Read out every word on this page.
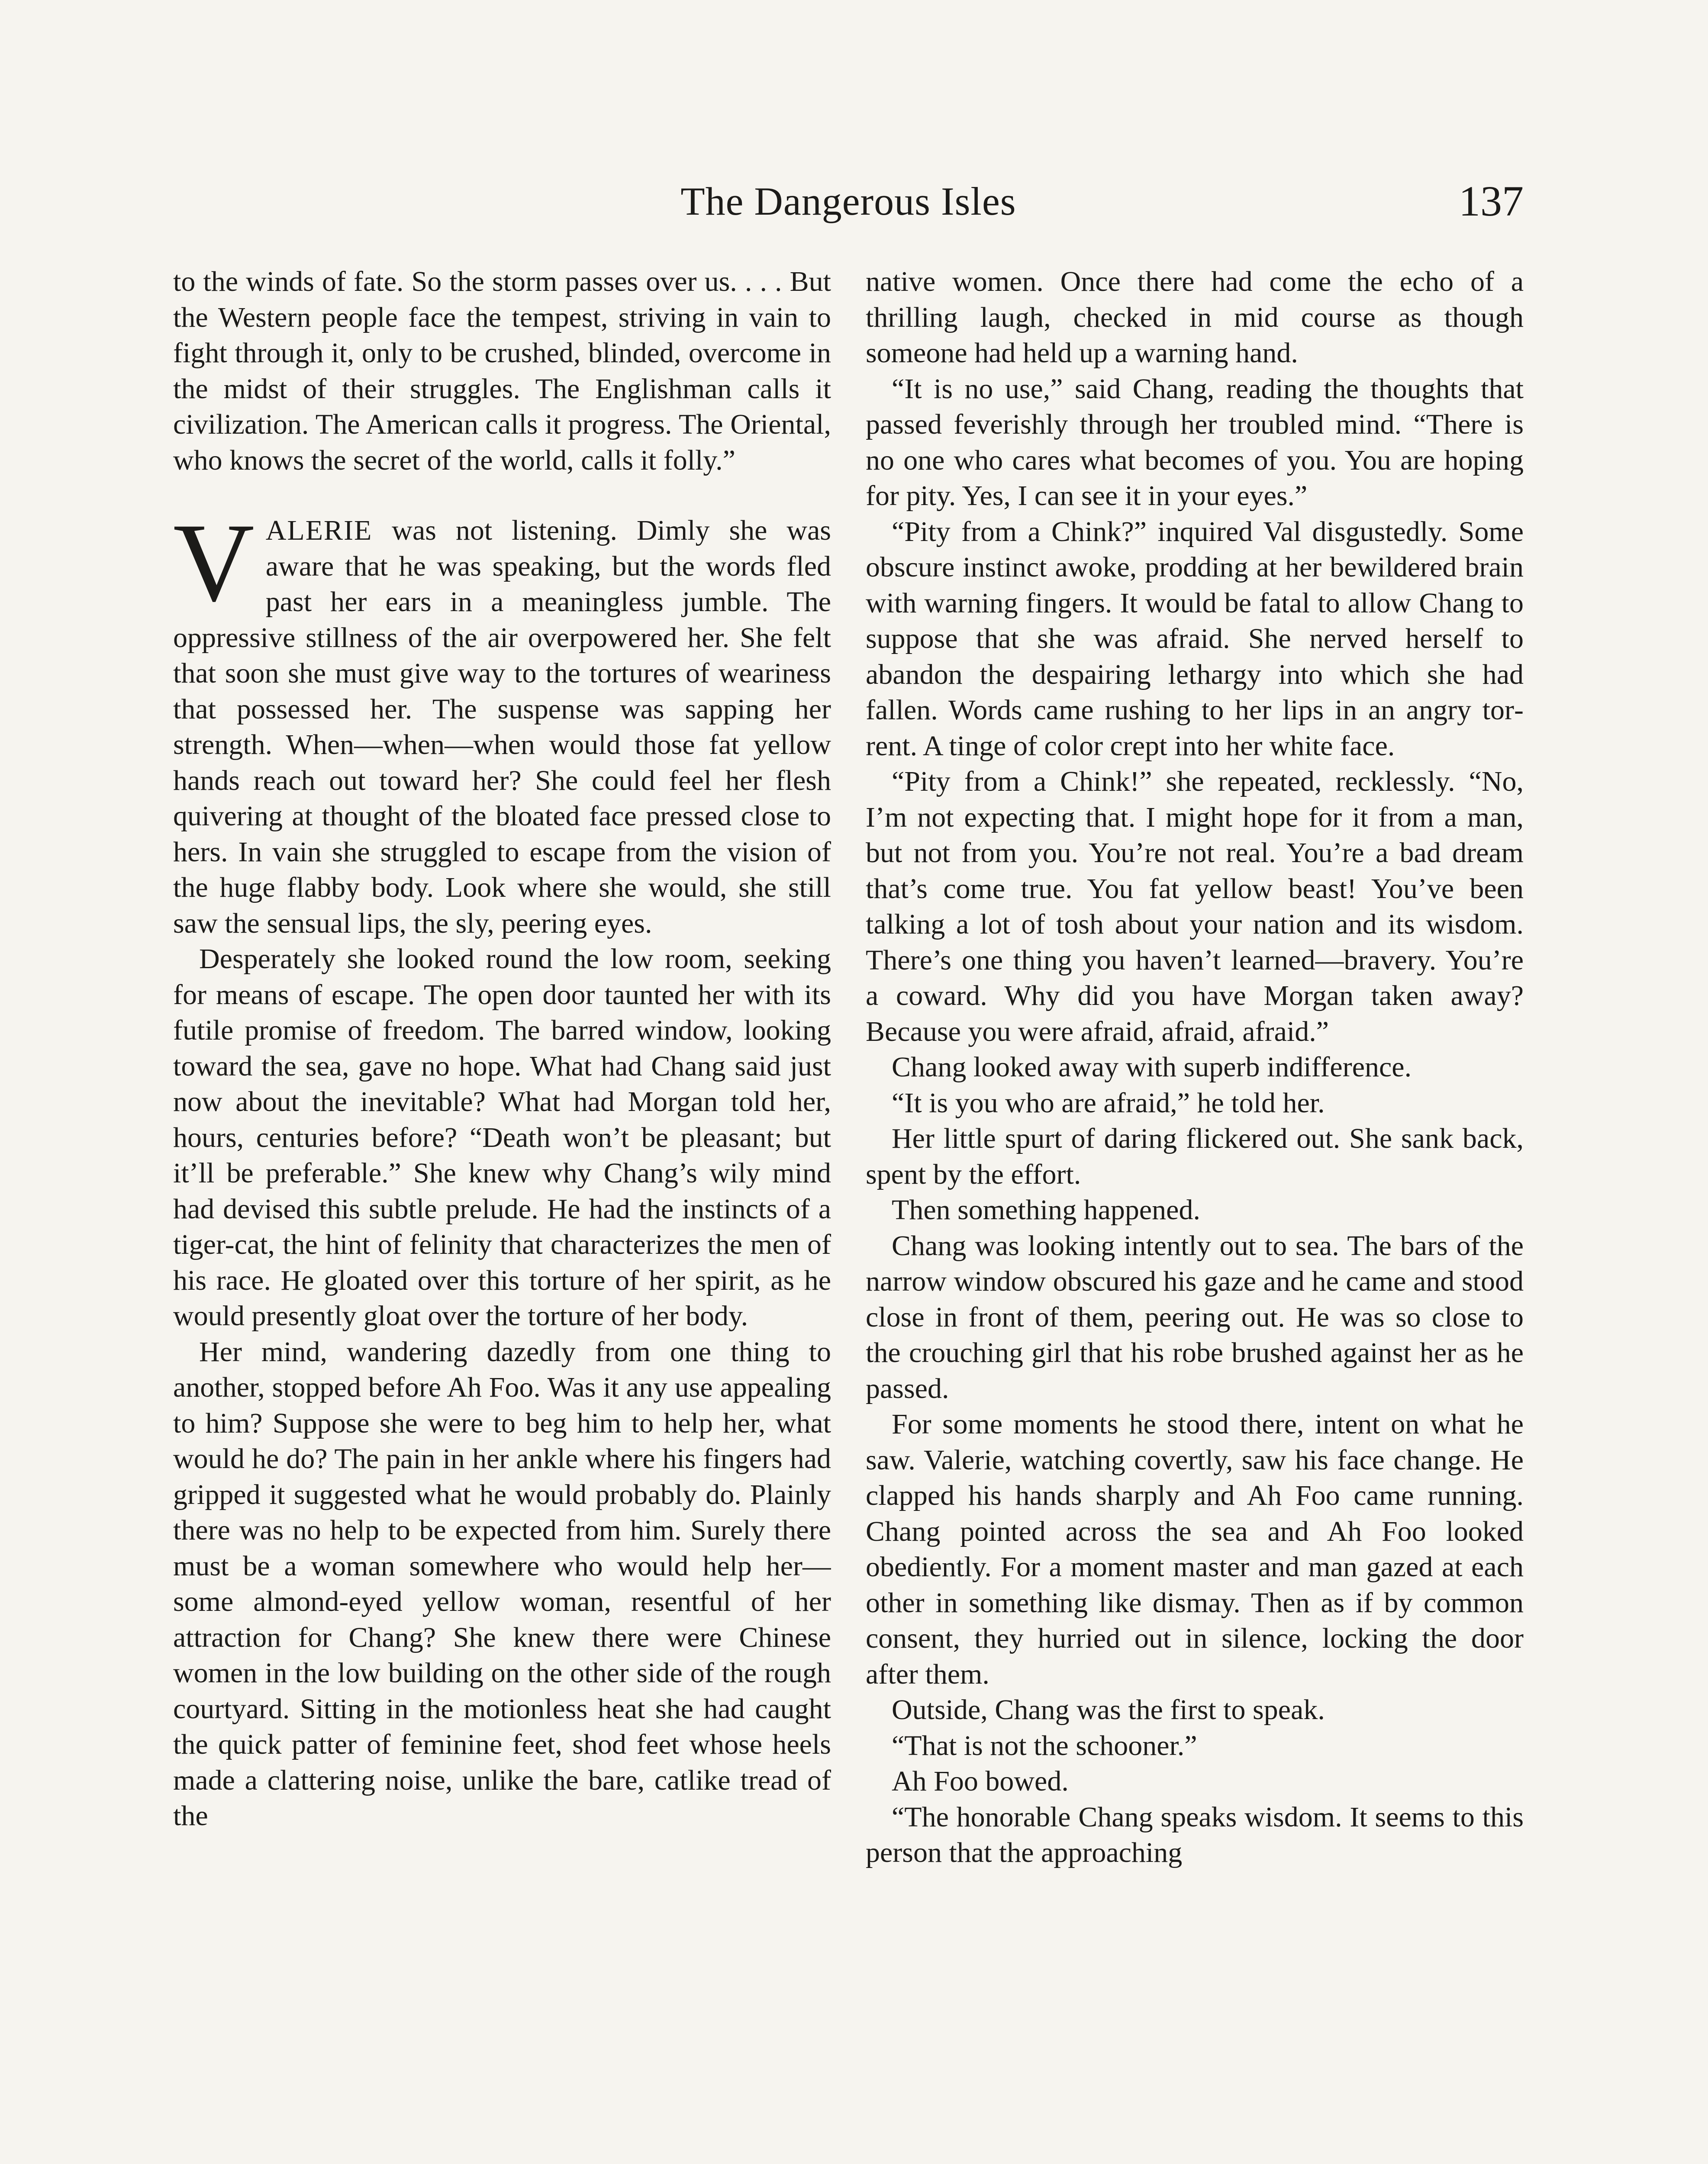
The Dangerous Isles	137

to the winds of fate. So the storm passes over us. . . . But the Western people face the tempest, striving in vain to fight through it, only to be crushed, blinded, overcome in the midst of their struggles. The Englishman calls it civilization. The American calls it progress. The Oriental, who knows the secret of the world, calls it folly.”

VALERIE was not listening. Dimly she was aware that he was speaking, but the words fled past her ears in a meaningless jumble. The oppressive stillness of the air overpowered her. She felt that soon she must give way to the tortures of weariness that possessed her. The suspense was sapping her strength. When—when—when would those fat yellow hands reach out toward her? She could feel her flesh quivering at thought of the bloated face pressed close to hers. In vain she struggled to escape from the vision of the huge flabby body. Look where she would, she still saw the sensual lips, the sly, peering eyes.

Desperately she looked round the low room, seeking for means of escape. The open door taunted her with its futile promise of freedom. The barred window, looking toward the sea, gave no hope. What had Chang said just now about the inevitable? What had Morgan told her, hours, centuries before? “Death won’t be pleasant; but it’ll be preferable.” She knew why Chang’s wily mind had devised this subtle prelude. He had the instincts of a tiger-cat, the hint of felinity that characterizes the men of his race. He gloated over this torture of her spirit, as he would presently gloat over the torture of her body.

Her mind, wandering dazedly from one thing to another, stopped before Ah Foo. Was it any use appealing to him? Suppose she were to beg him to help her, what would he do? The pain in her ankle where his fingers had gripped it suggested what he would probably do. Plainly there was no help to be expected from him. Surely there must be a woman somewhere who would help her—some almond-eyed yellow woman, resentful of her attraction for Chang? She knew there were Chinese women in the low building on the other side of the rough courtyard. Sitting in the motionless heat she had caught the quick patter of feminine feet, shod feet whose heels made a clattering noise, unlike the bare, catlike tread of the

native women. Once there had come the echo of a thrilling laugh, checked in mid course as though someone had held up a warning hand.

“It is no use,” said Chang, reading the thoughts that passed feverishly through her troubled mind. “There is no one who cares what becomes of you. You are hoping for pity. Yes, I can see it in your eyes.”

“Pity from a Chink?” inquired Val disgustedly. Some obscure instinct awoke, prodding at her bewildered brain with warning fingers. It would be fatal to allow Chang to suppose that she was afraid. She nerved herself to abandon the despairing lethargy into which she had fallen. Words came rushing to her lips in an angry torrent. A tinge of color crept into her white face.

“Pity from a Chink!” she repeated, recklessly. “No, I’m not expecting that. I might hope for it from a man, but not from you. You’re not real. You’re a bad dream that’s come true. You fat yellow beast! You’ve been talking a lot of tosh about your nation and its wisdom. There’s one thing you haven’t learned—bravery. You’re a coward. Why did you have Morgan taken away? Because you were afraid, afraid, afraid.”

Chang looked away with superb indifference.

“It is you who are afraid,” he told her.

Her little spurt of daring flickered out. She sank back, spent by the effort.

Then something happened.

Chang was looking intently out to sea. The bars of the narrow window obscured his gaze and he came and stood close in front of them, peering out. He was so close to the crouching girl that his robe brushed against her as he passed.

For some moments he stood there, intent on what he saw. Valerie, watching covertly, saw his face change. He clapped his hands sharply and Ah Foo came running. Chang pointed across the sea and Ah Foo looked obediently. For a moment master and man gazed at each other in something like dismay. Then as if by common consent, they hurried out in silence, locking the door after them.

Outside, Chang was the first to speak.

“That is not the schooner.”

Ah Foo bowed.

“The honorable Chang speaks wisdom. It seems to this person that the approaching
